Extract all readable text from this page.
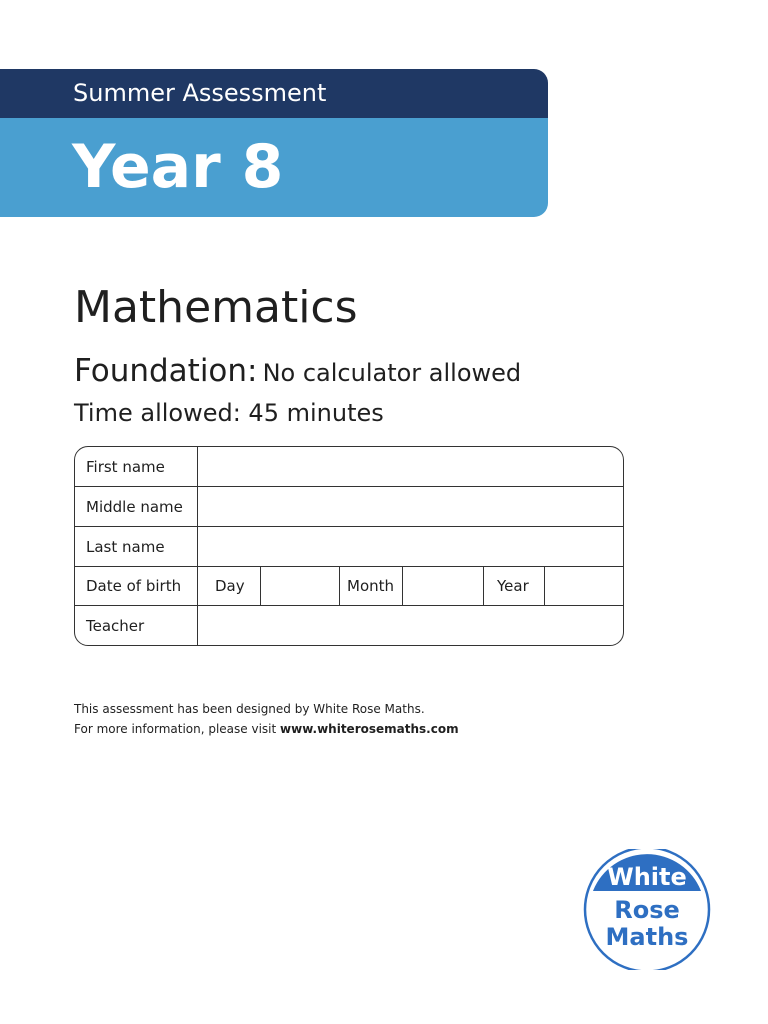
Summer Assessment
Year 8
Mathematics
Foundation: No calculator allowed
Time allowed: 45 minutes
First name
Middle name
Last name
Date of birth Day	Month	Year
Teacher
This assessment has been designed by White Rose Maths.
For more information, please visit www.whiterosemaths.com
White
Rose
Maths
